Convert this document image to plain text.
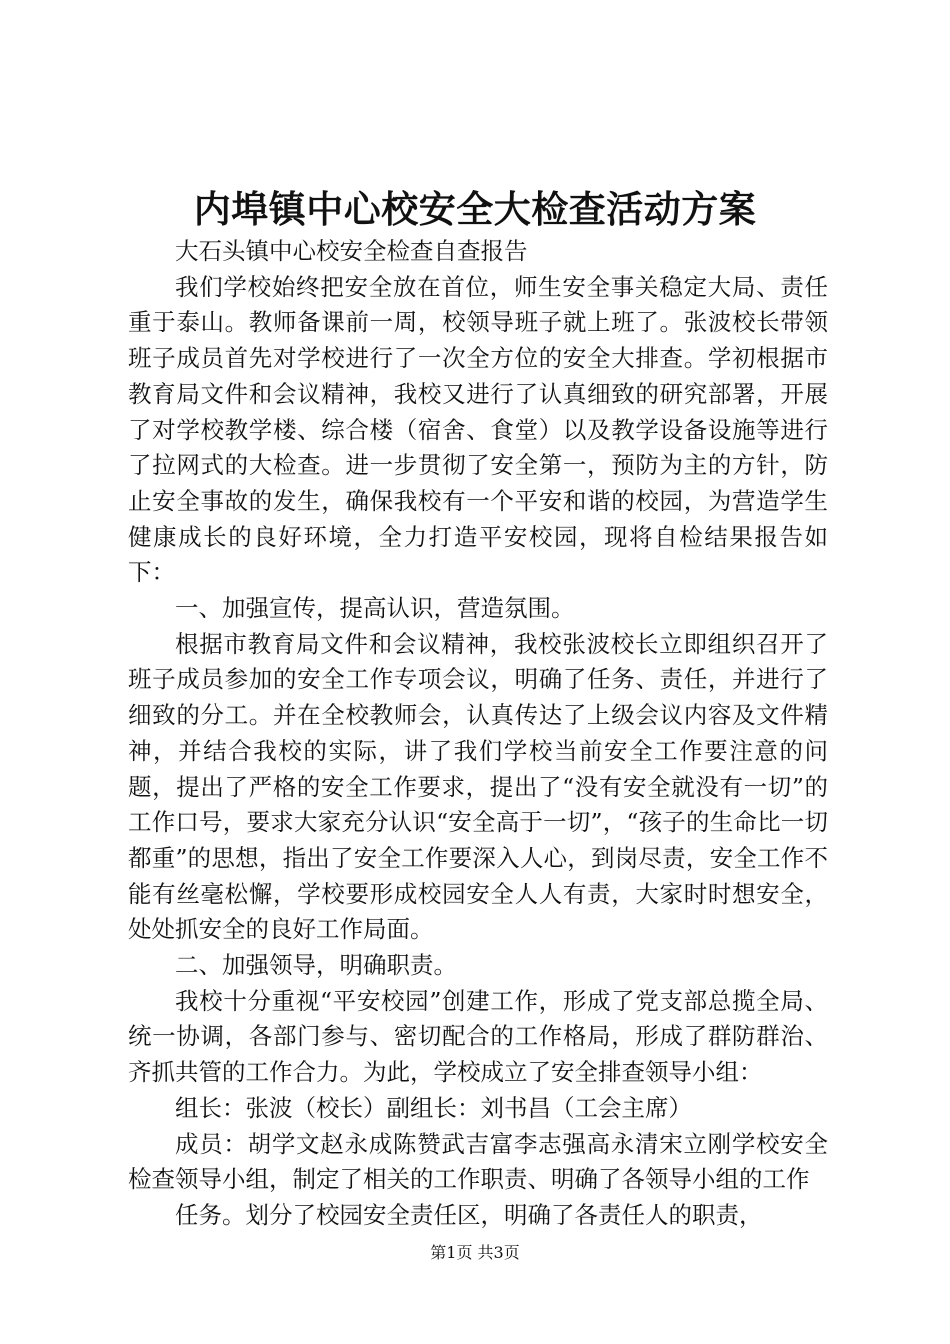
内埠镇中心校安全大检查活动方案

大石头镇中心校安全检查自查报告

我们学校始终把安全放在首位，师生安全事关稳定大局、责任重于泰山。教师备课前一周，校领导班子就上班了。张波校长带领班子成员首先对学校进行了一次全方位的安全大排查。学初根据市教育局文件和会议精神，我校又进行了认真细致的研究部署，开展了对学校教学楼、综合楼（宿舍、食堂）以及教学设备设施等进行了拉网式的大检查。进一步贯彻了安全第一，预防为主的方针，防止安全事故的发生，确保我校有一个平安和谐的校园，为营造学生健康成长的良好环境，全力打造平安校园，现将自检结果报告如下：

一、加强宣传，提高认识，营造氛围。

根据市教育局文件和会议精神，我校张波校长立即组织召开了班子成员参加的安全工作专项会议，明确了任务、责任，并进行了细致的分工。并在全校教师会，认真传达了上级会议内容及文件精神，并结合我校的实际，讲了我们学校当前安全工作要注意的问题，提出了严格的安全工作要求，提出了“没有安全就没有一切”的工作口号，要求大家充分认识“安全高于一切”，“孩子的生命比一切都重”的思想，指出了安全工作要深入人心，到岗尽责，安全工作不能有丝毫松懈，学校要形成校园安全人人有责，大家时时想安全，处处抓安全的良好工作局面。

二、加强领导，明确职责。

我校十分重视“平安校园”创建工作，形成了党支部总揽全局、统一协调，各部门参与、密切配合的工作格局，形成了群防群治、齐抓共管的工作合力。为此，学校成立了安全排查领导小组：

组长：张波（校长）副组长：刘书昌（工会主席）

成员：胡学文赵永成陈赞武吉富李志强高永清宋立刚学校安全检查领导小组，制定了相关的工作职责、明确了各领导小组的工作

任务。划分了校园安全责任区，明确了各责任人的职责，

第1页 共3页
